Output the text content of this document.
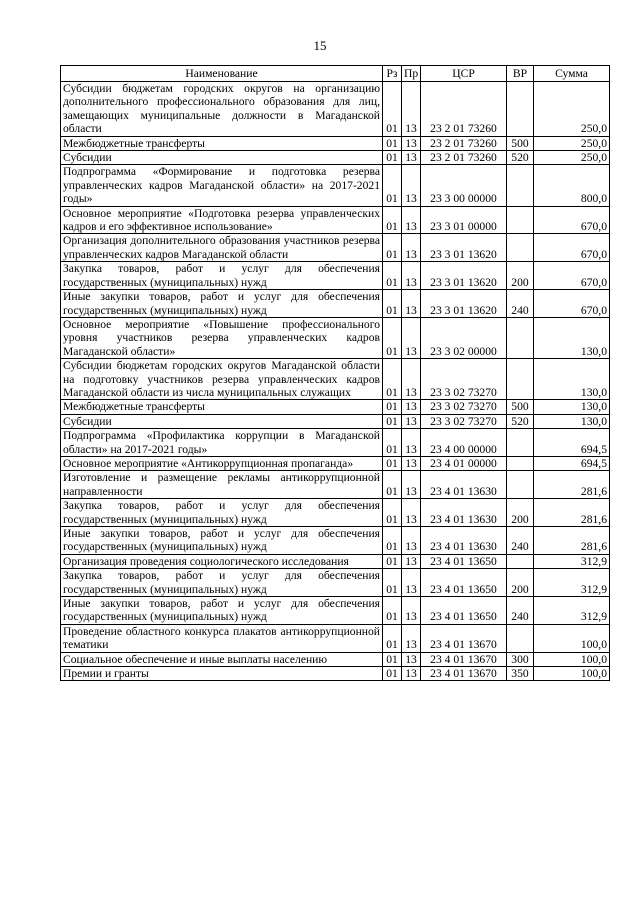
15
Наименование	Рз	Пр	ЦСР	ВР	Сумма
Субсидии бюджетам городских округов на организацию дополнительного профессионального образования для лиц, замещающих муниципальные должности в Магаданской области	01	13	23 2 01 73260		250,0
Межбюджетные трансферты	01	13	23 2 01 73260	500	250,0
Субсидии	01	13	23 2 01 73260	520	250,0
Подпрограмма «Формирование и подготовка резерва управленческих кадров Магаданской области» на 2017-2021 годы»	01	13	23 3 00 00000		800,0
Основное мероприятие «Подготовка резерва управленческих кадров и его эффективное использование»	01	13	23 3 01 00000		670,0
Организация дополнительного образования участников резерва управленческих кадров Магаданской области	01	13	23 3 01 13620		670,0
Закупка товаров, работ и услуг для обеспечения государственных (муниципальных) нужд	01	13	23 3 01 13620	200	670,0
Иные закупки товаров, работ и услуг для обеспечения государственных (муниципальных) нужд	01	13	23 3 01 13620	240	670,0
Основное мероприятие «Повышение профессионального уровня участников резерва управленческих кадров Магаданской области»	01	13	23 3 02 00000		130,0
Субсидии бюджетам городских округов Магаданской области на подготовку участников резерва управленческих кадров Магаданской области из числа муниципальных служащих	01	13	23 3 02 73270		130,0
Межбюджетные трансферты	01	13	23 3 02 73270	500	130,0
Субсидии	01	13	23 3 02 73270	520	130,0
Подпрограмма «Профилактика коррупции в Магаданской области» на 2017-2021 годы»	01	13	23 4 00 00000		694,5
Основное мероприятие «Антикоррупционная пропаганда»	01	13	23 4 01 00000		694,5
Изготовление и размещение рекламы антикоррупционной направленности	01	13	23 4 01 13630		281,6
Закупка товаров, работ и услуг для обеспечения государственных (муниципальных) нужд	01	13	23 4 01 13630	200	281,6
Иные закупки товаров, работ и услуг для обеспечения государственных (муниципальных) нужд	01	13	23 4 01 13630	240	281,6
Организация проведения социологического исследования	01	13	23 4 01 13650		312,9
Закупка товаров, работ и услуг для обеспечения государственных (муниципальных) нужд	01	13	23 4 01 13650	200	312,9
Иные закупки товаров, работ и услуг для обеспечения государственных (муниципальных) нужд	01	13	23 4 01 13650	240	312,9
Проведение областного конкурса плакатов антикоррупционной тематики	01	13	23 4 01 13670		100,0
Социальное обеспечение и иные выплаты населению	01	13	23 4 01 13670	300	100,0
Премии и гранты	01	13	23 4 01 13670	350	100,0
